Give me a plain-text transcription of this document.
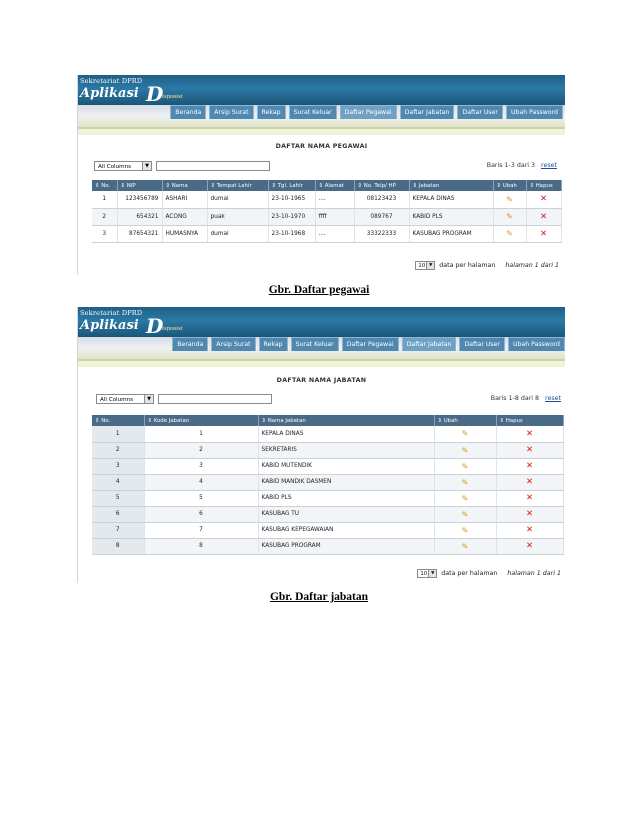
Sekretariat DPRD
Aplikasi D
isposisi
Beranda	Arsip Surat	Rekap	Surat Keluar	Daftar Pegawai	Daftar Jabatan	Daftar User	Ubah Password
DAFTAR NAMA PEGAWAI
All Columns	▼	Baris 1-3 dari 3 reset
⇕ No.	⇕ NIP	⇕ Nama	⇕ Tempat Lahir	⇕ Tgl. Lahir	⇕ Alamat	⇕ No. Telp/ HP	⇕ Jabatan	⇕ Ubah	⇕ Hapus
1	123456789	ASHARI	dumai	23-10-1965	....	08123423	KEPALA DINAS	✎	✕
2	654321	ACONG	puak	23-10-1970	ffff	089767	KABID PLS	✎	✕
3	87654321	HUMASNYA	dumai	23-10-1968	....	33322333	KASUBAG PROGRAM	✎	✕
10 ▼ data per halaman halaman 1 dari 1
Gbr. Daftar pegawai
Sekretariat DPRD
Aplikasi D
isposisi
Beranda	Arsip Surat	Rekap	Surat Keluar	Daftar Pegawai	Daftar Jabatan	Daftar User	Ubah Password
DAFTAR NAMA JABATAN
All Columns	▼	Baris 1-8 dari 8 reset
⇕ No.	⇕ Kode Jabatan	⇕ Nama Jabatan	⇕ Ubah	⇕ Hapus
1	1	KEPALA DINAS	✎	✕
2	2	SEKRETARIS	✎	✕
3	3	KABID MUTENDIK	✎	✕
4	4	KABID MANDIK DASMEN	✎	✕
5	5	KABID PLS	✎	✕
6	6	KASUBAG TU	✎	✕
7	7	KASUBAG KEPEGAWAIAN	✎	✕
8	8	KASUBAG PROGRAM	✎	✕
10 ▼ data per halaman halaman 1 dari 1
Gbr. Daftar jabatan
